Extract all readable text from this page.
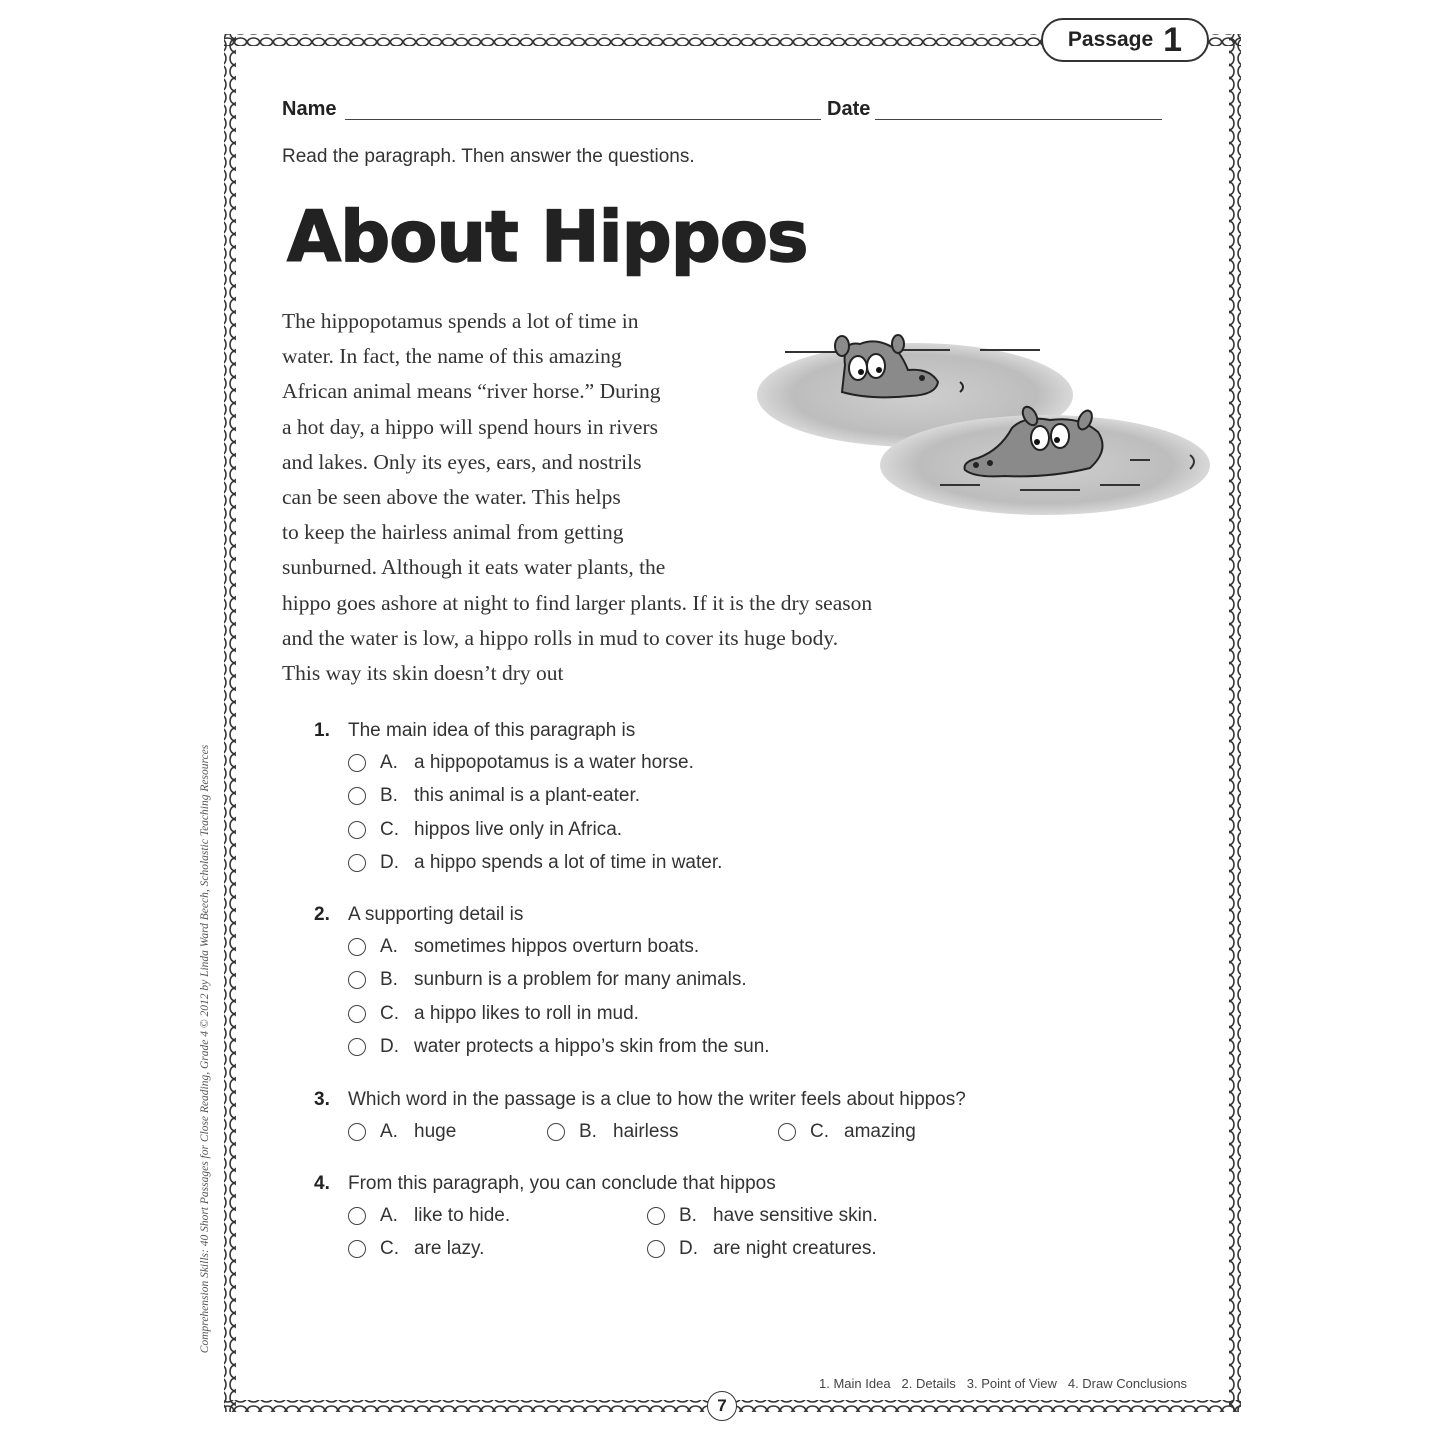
Passage 1
Name	Date
Read the paragraph. Then answer the questions.
About Hippos
The hippopotamus spends a lot of time in
water. In fact, the name of this amazing
African animal means “river horse.” During
a hot day, a hippo will spend hours in rivers
and lakes. Only its eyes, ears, and nostrils
can be seen above the water. This helps
to keep the hairless animal from getting
sunburned. Although it eats water plants, the
hippo goes ashore at night to find larger plants. If it is the dry season
and the water is low, a hippo rolls in mud to cover its huge body.
This way its skin doesn’t dry out
1. The main idea of this paragraph is
A. a hippopotamus is a water horse.
B. this animal is a plant-eater.
C. hippos live only in Africa.
D. a hippo spends a lot of time in water.
2. A supporting detail is
A. sometimes hippos overturn boats.
B. sunburn is a problem for many animals.
C. a hippo likes to roll in mud.
D. water protects a hippo’s skin from the sun.
3. Which word in the passage is a clue to how the writer feels about hippos?
A. huge	B. hairless	C. amazing
4. From this paragraph, you can conclude that hippos
A. like to hide.	B. have sensitive skin.
C. are lazy.	D. are night creatures.
1. Main Idea 2. Details 3. Point of View 4. Draw Conclusions
7
Comprehension Skills: 40 Short Passages for Close Reading, Grade 4 © 2012 by Linda Ward Beech, Scholastic Teaching Resources
